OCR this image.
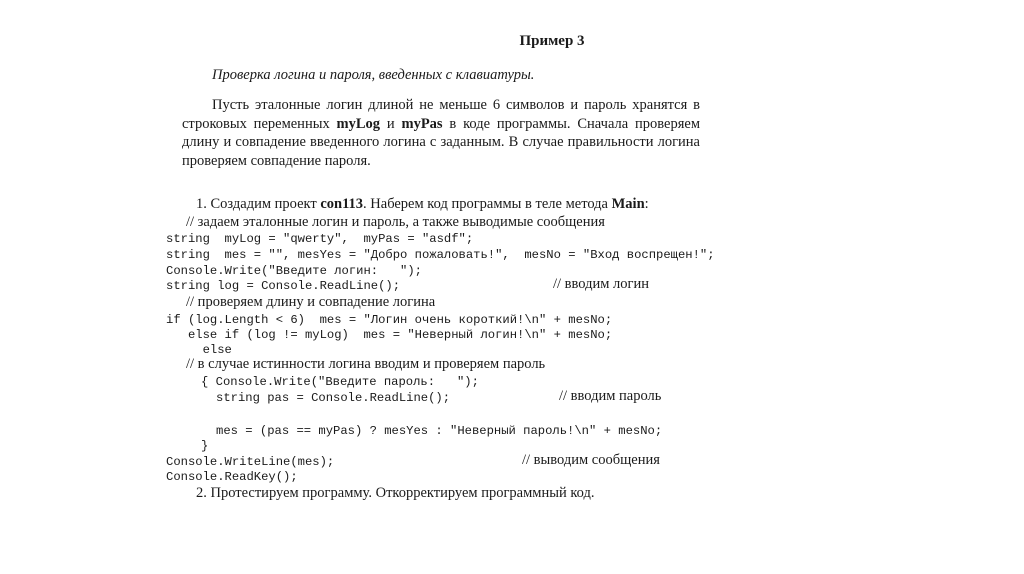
Пример 3
Проверка логина и пароля, введенных с клавиатуры.
Пусть эталонные логин длиной не меньше 6 символов и пароль хранятся в строковых переменных myLog и myPas в коде программы. Сначала проверяем длину и совпадение введенного логина с заданным. В случае правильности логина проверяем совпадение пароля.
1. Создадим проект con113. Наберем код программы в теле метода Main:
// задаем эталонные логин и пароль, а также выводимые сообщения
string  myLog = "qwerty",  myPas = "asdf";
string  mes = "", mesYes = "Добро пожаловать!",  mesNo = "Вход воспрещен!";
Console.Write("Введите логин:   ");
string log = Console.ReadLine();	// вводим логин
// проверяем длину и совпадение логина
if (log.Length < 6)  mes = "Логин очень короткий!\n" + mesNo;
else if (log != myLog)  mes = "Неверный логин!\n" + mesNo;
else
// в случае истинности логина вводим и проверяем пароль
{ Console.Write("Введите пароль:   ");
string pas = Console.ReadLine();	// вводим пароль
mes = (pas == myPas) ? mesYes : "Неверный пароль!\n" + mesNo;
}
Console.WriteLine(mes);	// выводим сообщения
Console.ReadKey();
2. Протестируем программу. Откорректируем программный код.
